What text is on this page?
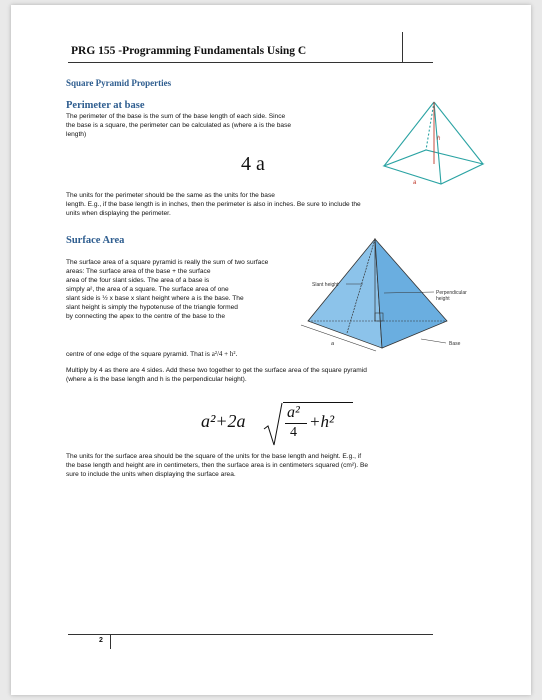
PRG 155 -Programming Fundamentals Using C
Square Pyramid Properties
Perimeter at base
The perimeter of the base is the sum of the base length of each side. Since
the base is a square, the perimeter can be calculated as (where a is the base
length)
4 a
h
a
The units for the perimeter should be the same as the units for the base
length. E.g., if the base length is in inches, then the perimeter is also in inches. Be sure to include the
units when displaying the perimeter.
Surface Area
The surface area of a square pyramid is really the sum of two surface
areas: The surface area of the base + the surface
area of the four slant sides. The area of a base is
simply a², the area of a square. The surface area of one
slant side is ½ x base x slant height where a is the base. The
slant height is simply the hypotenuse of the triangle formed
by connecting the apex to the centre of the base to the
a
Slant height
Perpendicular
height
Base
centre of one edge of the square pyramid. That is a²/4 + h².
Multiply by 4 as there are 4 sides. Add these two together to get the surface area of the square pyramid
(where a is the base length and h is the perpendicular height).
a²+2a	a²
4
+h²
The units for the surface area should be the square of the units for the base length and height. E.g., if
the base length and height are in centimeters, then the surface area is in centimeters squared (cm²). Be
sure to include the units when displaying the surface area.
2
